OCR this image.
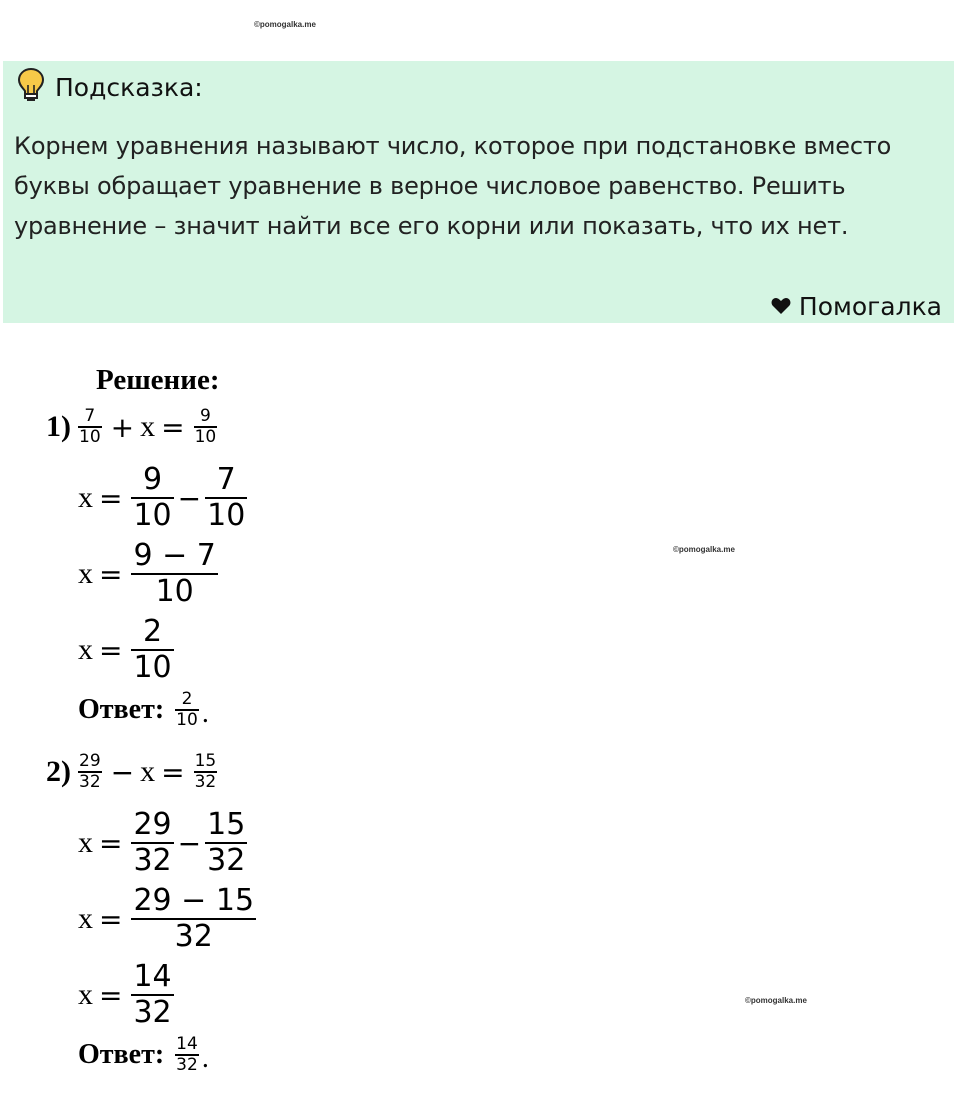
©pomogalka.me
©pomogalka.me
©pomogalka.me
Подсказка:
Корнем уравнения называют число, которое при подстановке вместо буквы обращает уравнение в верное числовое равенство. Решить уравнение – значит найти все его корни или показать, что их нет.
Помогалка
Решение:
$1) \frac{7}{10} + x = \frac{9}{10}$
$x = \frac{9}{10} - \frac{7}{10}$
$x = \frac{9 - 7}{10}$
$x = \frac{2}{10}$
Ответ: $\frac{2}{10}$ .
$2) \frac{29}{32} - x = \frac{15}{32}$
$x = \frac{29}{32} - \frac{15}{32}$
$x = \frac{29 - 15}{32}$
$x = \frac{14}{32}$
Ответ: $\frac{14}{32}$ .
